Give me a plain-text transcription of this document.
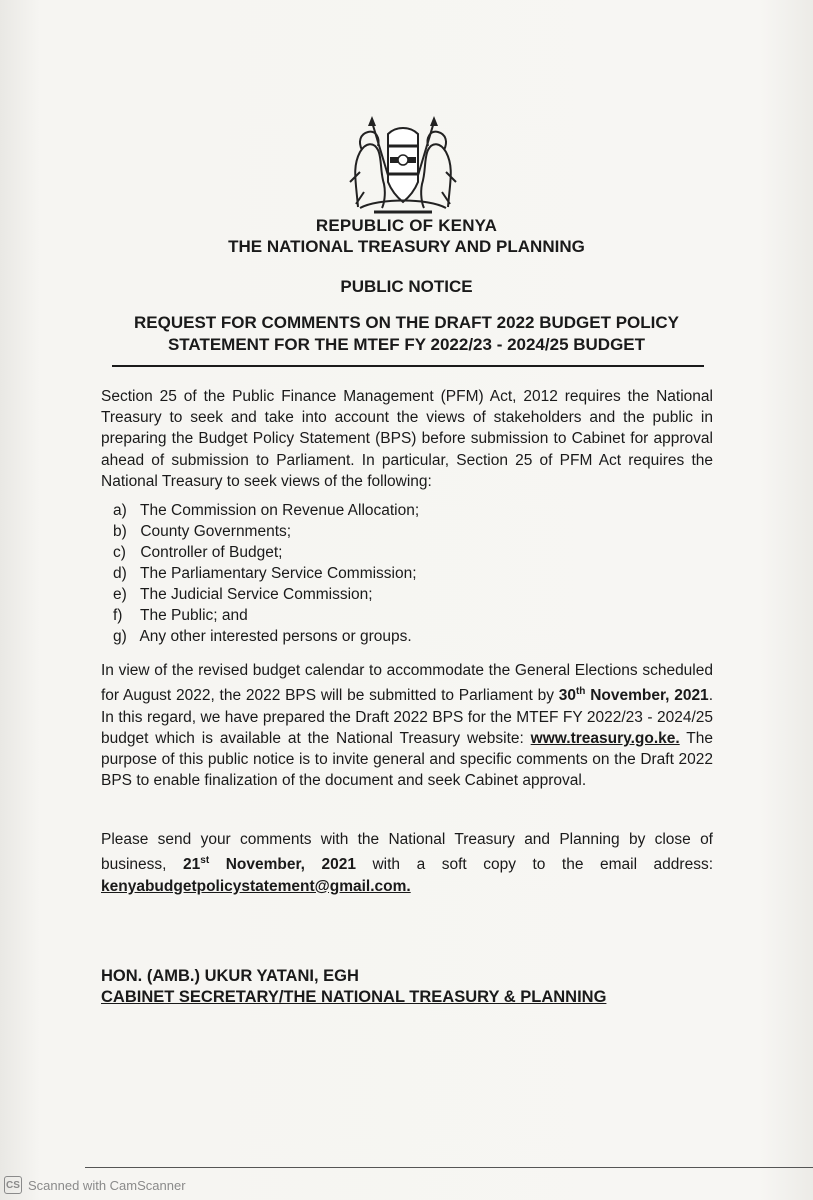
REPUBLIC OF KENYA
THE NATIONAL TREASURY AND PLANNING
PUBLIC NOTICE
REQUEST FOR COMMENTS ON THE DRAFT 2022 BUDGET POLICY
STATEMENT FOR THE MTEF FY 2022/23 - 2024/25 BUDGET
Section 25 of the Public Finance Management (PFM) Act, 2012 requires the National Treasury to seek and take into account the views of stakeholders and the public in preparing the Budget Policy Statement (BPS) before submission to Cabinet for approval ahead of submission to Parliament. In particular, Section 25 of PFM Act requires the National Treasury to seek views of the following:
a) The Commission on Revenue Allocation;
b) County Governments;
c) Controller of Budget;
d) The Parliamentary Service Commission;
e) The Judicial Service Commission;
f) The Public; and
g) Any other interested persons or groups.
In view of the revised budget calendar to accommodate the General Elections scheduled for August 2022, the 2022 BPS will be submitted to Parliament by 30th November, 2021. In this regard, we have prepared the Draft 2022 BPS for the MTEF FY 2022/23 - 2024/25 budget which is available at the National Treasury website: www.treasury.go.ke. The purpose of this public notice is to invite general and specific comments on the Draft 2022 BPS to enable finalization of the document and seek Cabinet approval.
Please send your comments with the National Treasury and Planning by close of business, 21st November, 2021 with a soft copy to the email address: kenyabudgetpolicystatement@gmail.com.
HON. (AMB.) UKUR YATANI, EGH
CABINET SECRETARY/THE NATIONAL TREASURY & PLANNING
CS Scanned with CamScanner
